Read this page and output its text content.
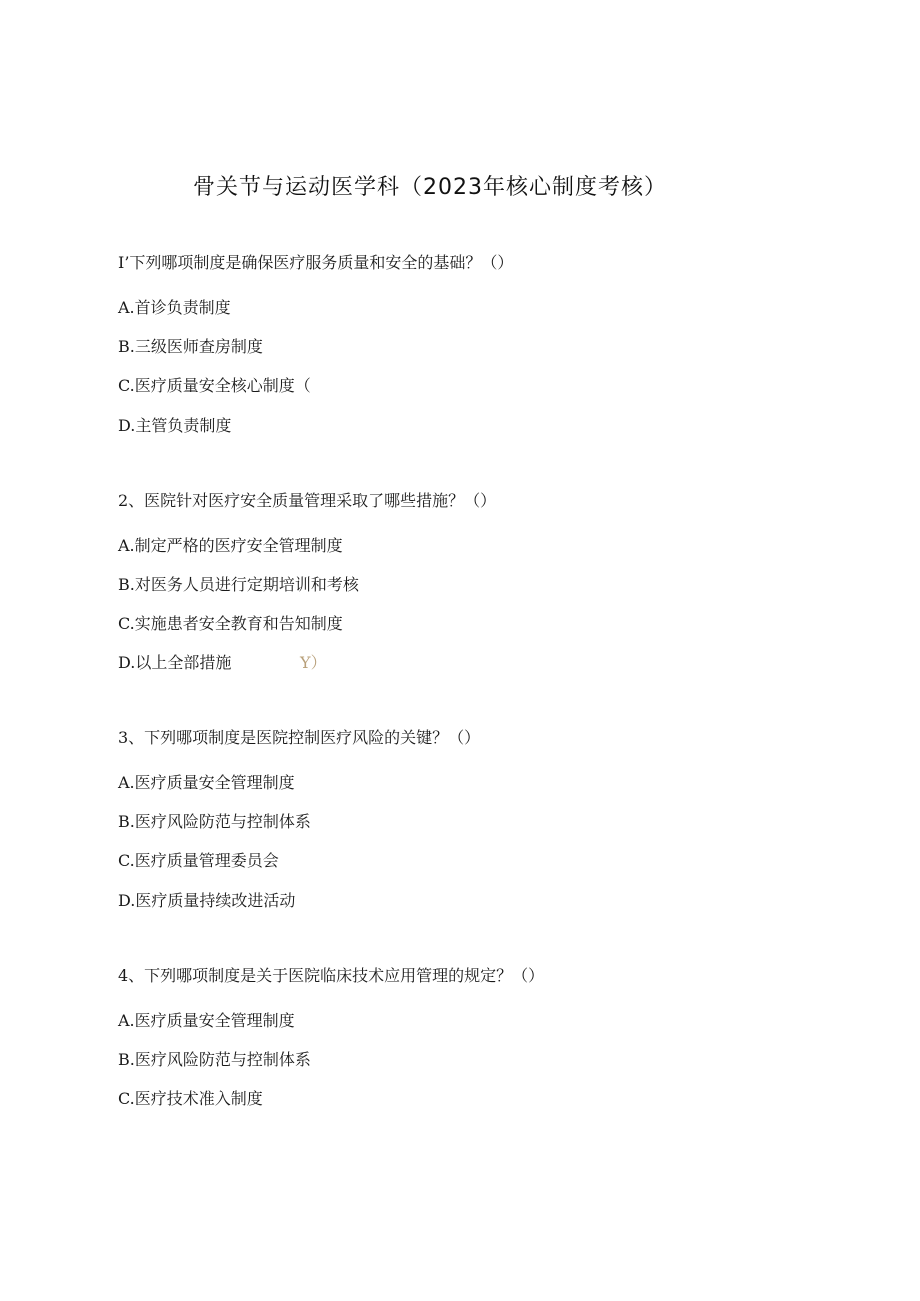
骨关节与运动医学科（2023年核心制度考核）
I’下列哪项制度是确保医疗服务质量和安全的基础？（）
A.首诊负责制度
B.三级医师查房制度
C.医疗质量安全核心制度（
D.主管负责制度
2、医院针对医疗安全质量管理采取了哪些措施？（）
A.制定严格的医疗安全管理制度
B.对医务人员进行定期培训和考核
C.实施患者安全教育和告知制度
D.以上全部措施	Y）
3、下列哪项制度是医院控制医疗风险的关键？（）
A.医疗质量安全管理制度
B.医疗风险防范与控制体系
C.医疗质量管理委员会
D.医疗质量持续改进活动
4、下列哪项制度是关于医院临床技术应用管理的规定？（）
A.医疗质量安全管理制度
B.医疗风险防范与控制体系
C.医疗技术准入制度
